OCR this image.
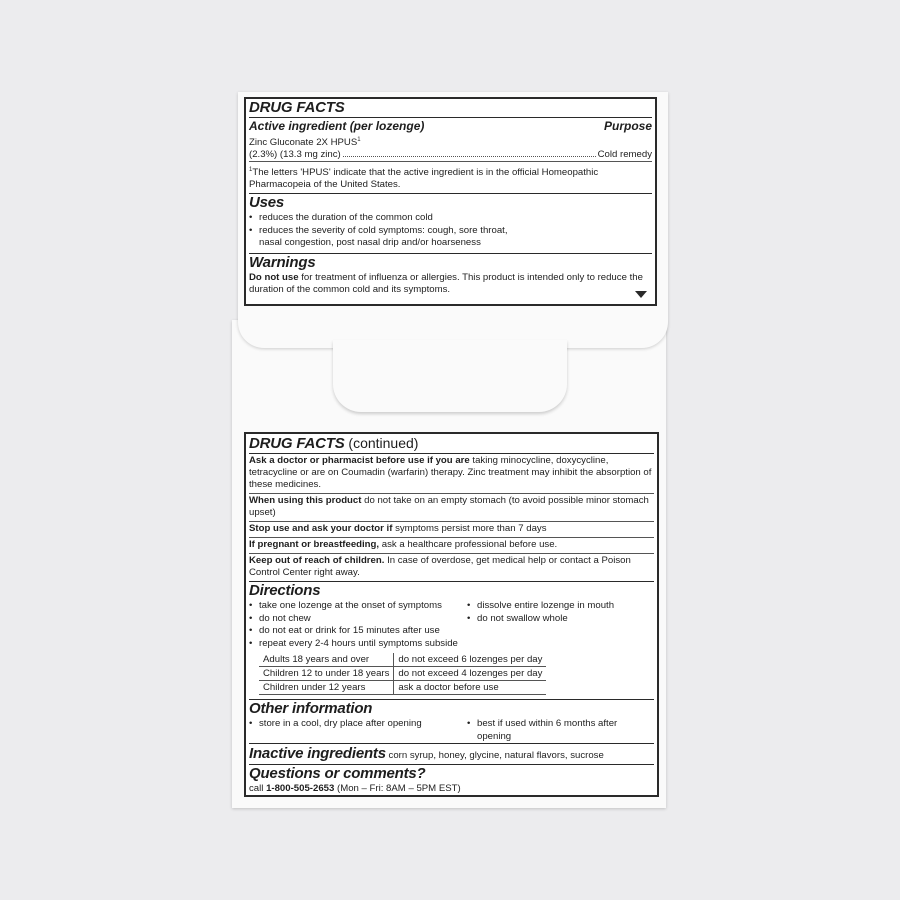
DRUG FACTS
Active ingredient (per lozenge)	Purpose
Zinc Gluconate 2X HPUS$^1$
(2.3%) (13.3 mg zinc)	Cold remedy
$^1$The letters 'HPUS' indicate that the active ingredient is in the official Homeopathic Pharmacopeia of the United States.
Uses
• reduces the duration of the common cold
• reduces the severity of cold symptoms: cough, sore throat, nasal congestion, post nasal drip and/or hoarseness
Warnings
Do not use for treatment of influenza or allergies. This product is intended only to reduce the duration of the common cold and its symptoms.
DRUG FACTS (continued)
Ask a doctor or pharmacist before use if you are taking minocycline, doxycycline, tetracycline or are on Coumadin (warfarin) therapy. Zinc treatment may inhibit the absorption of these medicines.
When using this product do not take on an empty stomach (to avoid possible minor stomach upset)
Stop use and ask your doctor if symptoms persist more than 7 days
If pregnant or breastfeeding, ask a healthcare professional before use.
Keep out of reach of children. In case of overdose, get medical help or contact a Poison Control Center right away.
Directions
• take one lozenge at the onset of symptoms
• do not chew
• do not eat or drink for 15 minutes after use
• repeat every 2-4 hours until symptoms subside
• dissolve entire lozenge in mouth
• do not swallow whole
Adults 18 years and over	do not exceed 6 lozenges per day
Children 12 to under 18 years	do not exceed 4 lozenges per day
Children under 12 years	ask a doctor before use
Other information
• store in a cool, dry place after opening	• best if used within 6 months after opening
Inactive ingredients corn syrup, honey, glycine, natural flavors, sucrose
Questions or comments?
call 1-800-505-2653 (Mon – Fri: 8AM – 5PM EST)
